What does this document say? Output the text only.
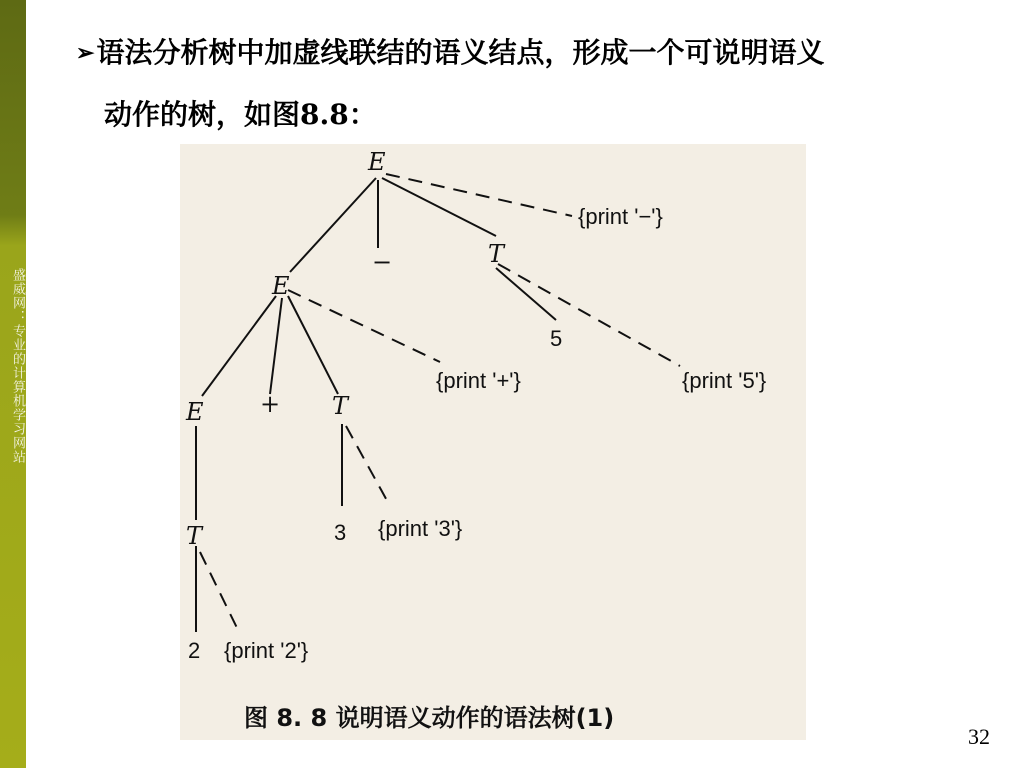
盛威网：专业的计算机学习网站
➢语法分析树中加虚线联结的语义结点，形成一个可说明语义
动作的树，如图8.8：
E
−	T
{print '−'}
E
5
+ T
{print '+'}	{print '5'}
E
3 {print '3'}
T
2 {print '2'}
图 8. 8 说明语义动作的语法树(1)
32
